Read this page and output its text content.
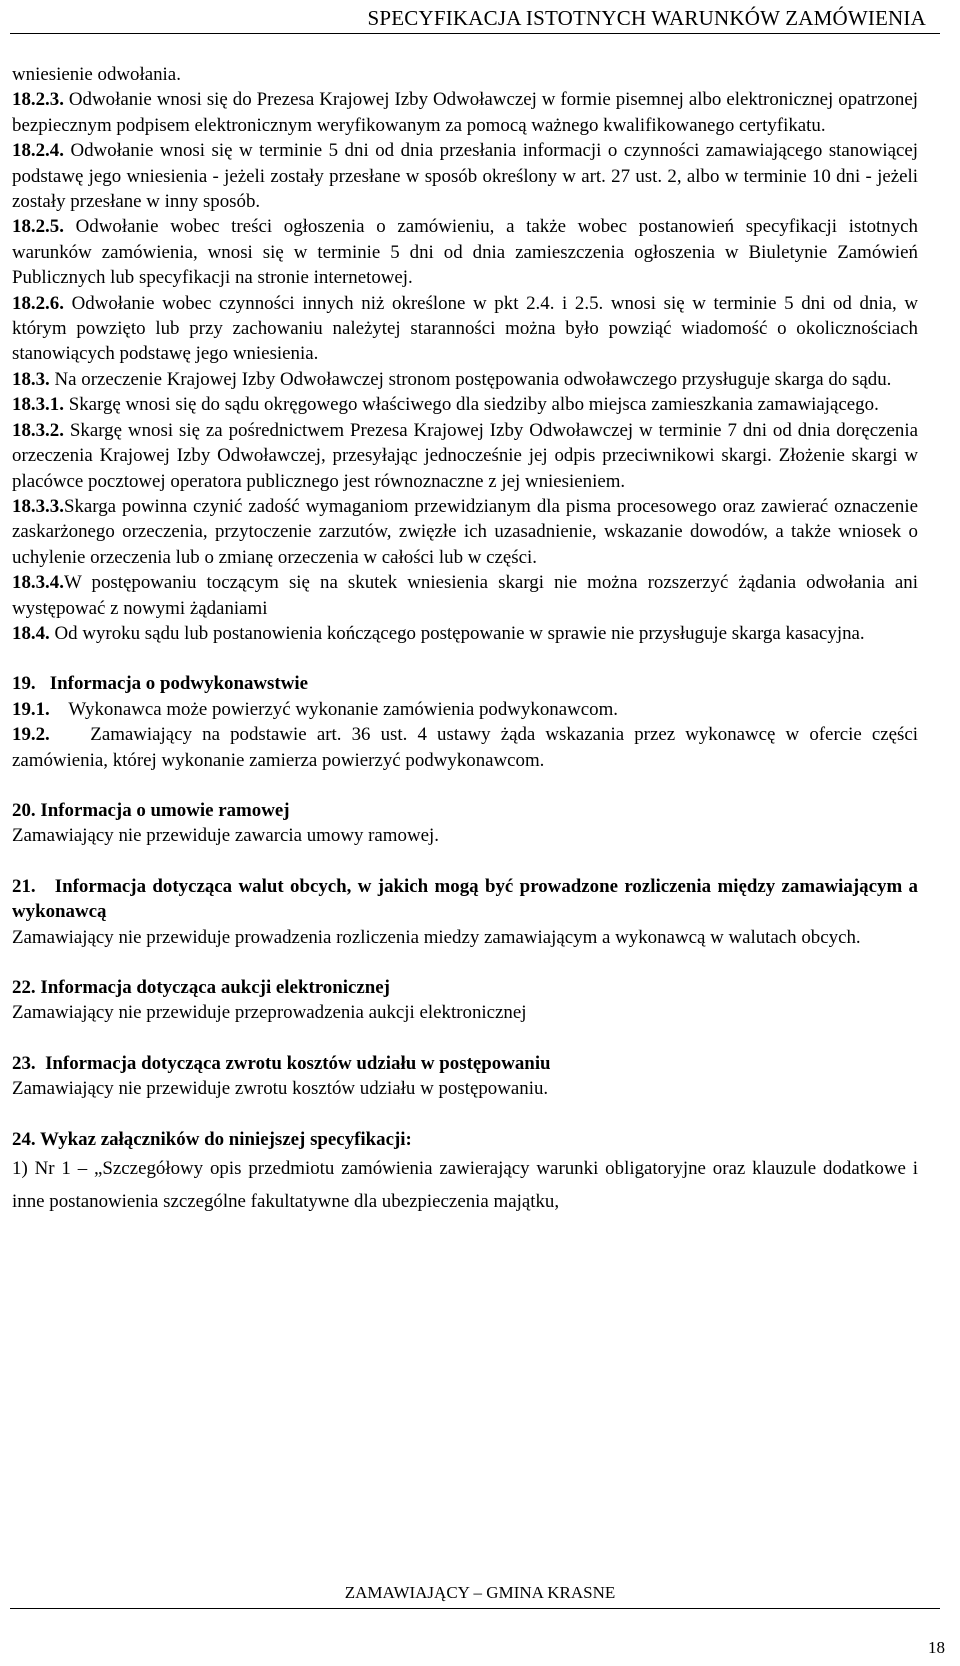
SPECYFIKACJA ISTOTNYCH WARUNKÓW ZAMÓWIENIA

wniesienie odwołania.

18.2.3. Odwołanie wnosi się do Prezesa Krajowej Izby Odwoławczej w formie pisemnej albo elektronicznej opatrzonej bezpiecznym podpisem elektronicznym weryfikowanym za pomocą ważnego kwalifikowanego certyfikatu.

18.2.4. Odwołanie wnosi się w terminie 5 dni od dnia przesłania informacji o czynności zamawiającego stanowiącej podstawę jego wniesienia - jeżeli zostały przesłane w sposób określony w art. 27 ust. 2, albo w terminie 10 dni - jeżeli zostały przesłane w inny sposób.

18.2.5. Odwołanie wobec treści ogłoszenia o zamówieniu, a także wobec postanowień specyfikacji istotnych warunków zamówienia, wnosi się w terminie 5 dni od dnia zamieszczenia ogłoszenia w Biuletynie Zamówień Publicznych lub specyfikacji na stronie internetowej.

18.2.6. Odwołanie wobec czynności innych niż określone w pkt 2.4. i 2.5. wnosi się w terminie 5 dni od dnia, w którym powzięto lub przy zachowaniu należytej staranności można było powziąć wiadomość o okolicznościach stanowiących podstawę jego wniesienia.

18.3. Na orzeczenie Krajowej Izby Odwoławczej stronom postępowania odwoławczego przysługuje skarga do sądu.

18.3.1. Skargę wnosi się do sądu okręgowego właściwego dla siedziby albo miejsca zamieszkania zamawiającego.

18.3.2. Skargę wnosi się za pośrednictwem Prezesa Krajowej Izby Odwoławczej w terminie 7 dni od dnia doręczenia orzeczenia Krajowej Izby Odwoławczej, przesyłając jednocześnie jej odpis przeciwnikowi skargi. Złożenie skargi w placówce pocztowej operatora publicznego jest równoznaczne z jej wniesieniem.

18.3.3.Skarga powinna czynić zadość wymaganiom przewidzianym dla pisma procesowego oraz zawierać oznaczenie zaskarżonego orzeczenia, przytoczenie zarzutów, zwięzłe ich uzasadnienie, wskazanie dowodów, a także wniosek o uchylenie orzeczenia lub o zmianę orzeczenia w całości lub w części.

18.3.4.W postępowaniu toczącym się na skutek wniesienia skargi nie można rozszerzyć żądania odwołania ani występować z nowymi żądaniami

18.4. Od wyroku sądu lub postanowienia kończącego postępowanie w sprawie nie przysługuje skarga kasacyjna.

19. Informacja o podwykonawstwie

19.1. Wykonawca może powierzyć wykonanie zamówienia podwykonawcom.

19.2. Zamawiający na podstawie art. 36 ust. 4 ustawy żąda wskazania przez wykonawcę w ofercie części zamówienia, której wykonanie zamierza powierzyć podwykonawcom.

20. Informacja o umowie ramowej

Zamawiający nie przewiduje zawarcia umowy ramowej.

21. Informacja dotycząca walut obcych, w jakich mogą być prowadzone rozliczenia między zamawiającym a wykonawcą

Zamawiający nie przewiduje prowadzenia rozliczenia miedzy zamawiającym a wykonawcą w walutach obcych.

22. Informacja dotycząca aukcji elektronicznej

Zamawiający nie przewiduje przeprowadzenia aukcji elektronicznej

23. Informacja dotycząca zwrotu kosztów udziału w postępowaniu

Zamawiający nie przewiduje zwrotu kosztów udziału w postępowaniu.

24. Wykaz załączników do niniejszej specyfikacji:

1) Nr 1 – „Szczegółowy opis przedmiotu zamówienia zawierający warunki obligatoryjne oraz klauzule dodatkowe i inne postanowienia szczególne fakultatywne dla ubezpieczenia majątku,

ZAMAWIAJĄCY – GMINA KRASNE
18
